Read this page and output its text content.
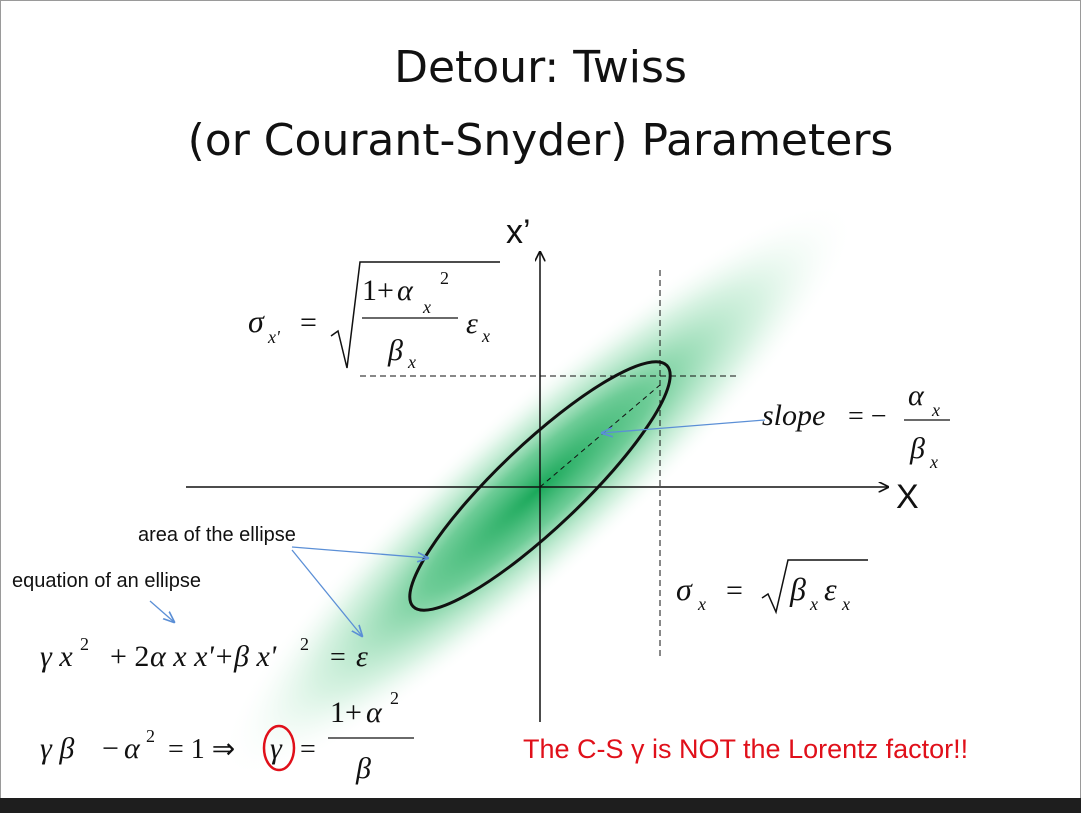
Detour: Twiss
(or Courant-Snyder) Parameters
σ x' =
1+ α x
2
β x
ε x
slope = −
α x
β x
σ x = β x ε x
γ x 2 + 2 α x x'+β x' 2 = ε
γ β − α 2 = 1 ⇒ γ =
1+ α 2
β
x’
X
area of the ellipse
equation of an ellipse
The C-S γ is NOT the Lorentz factor!!
